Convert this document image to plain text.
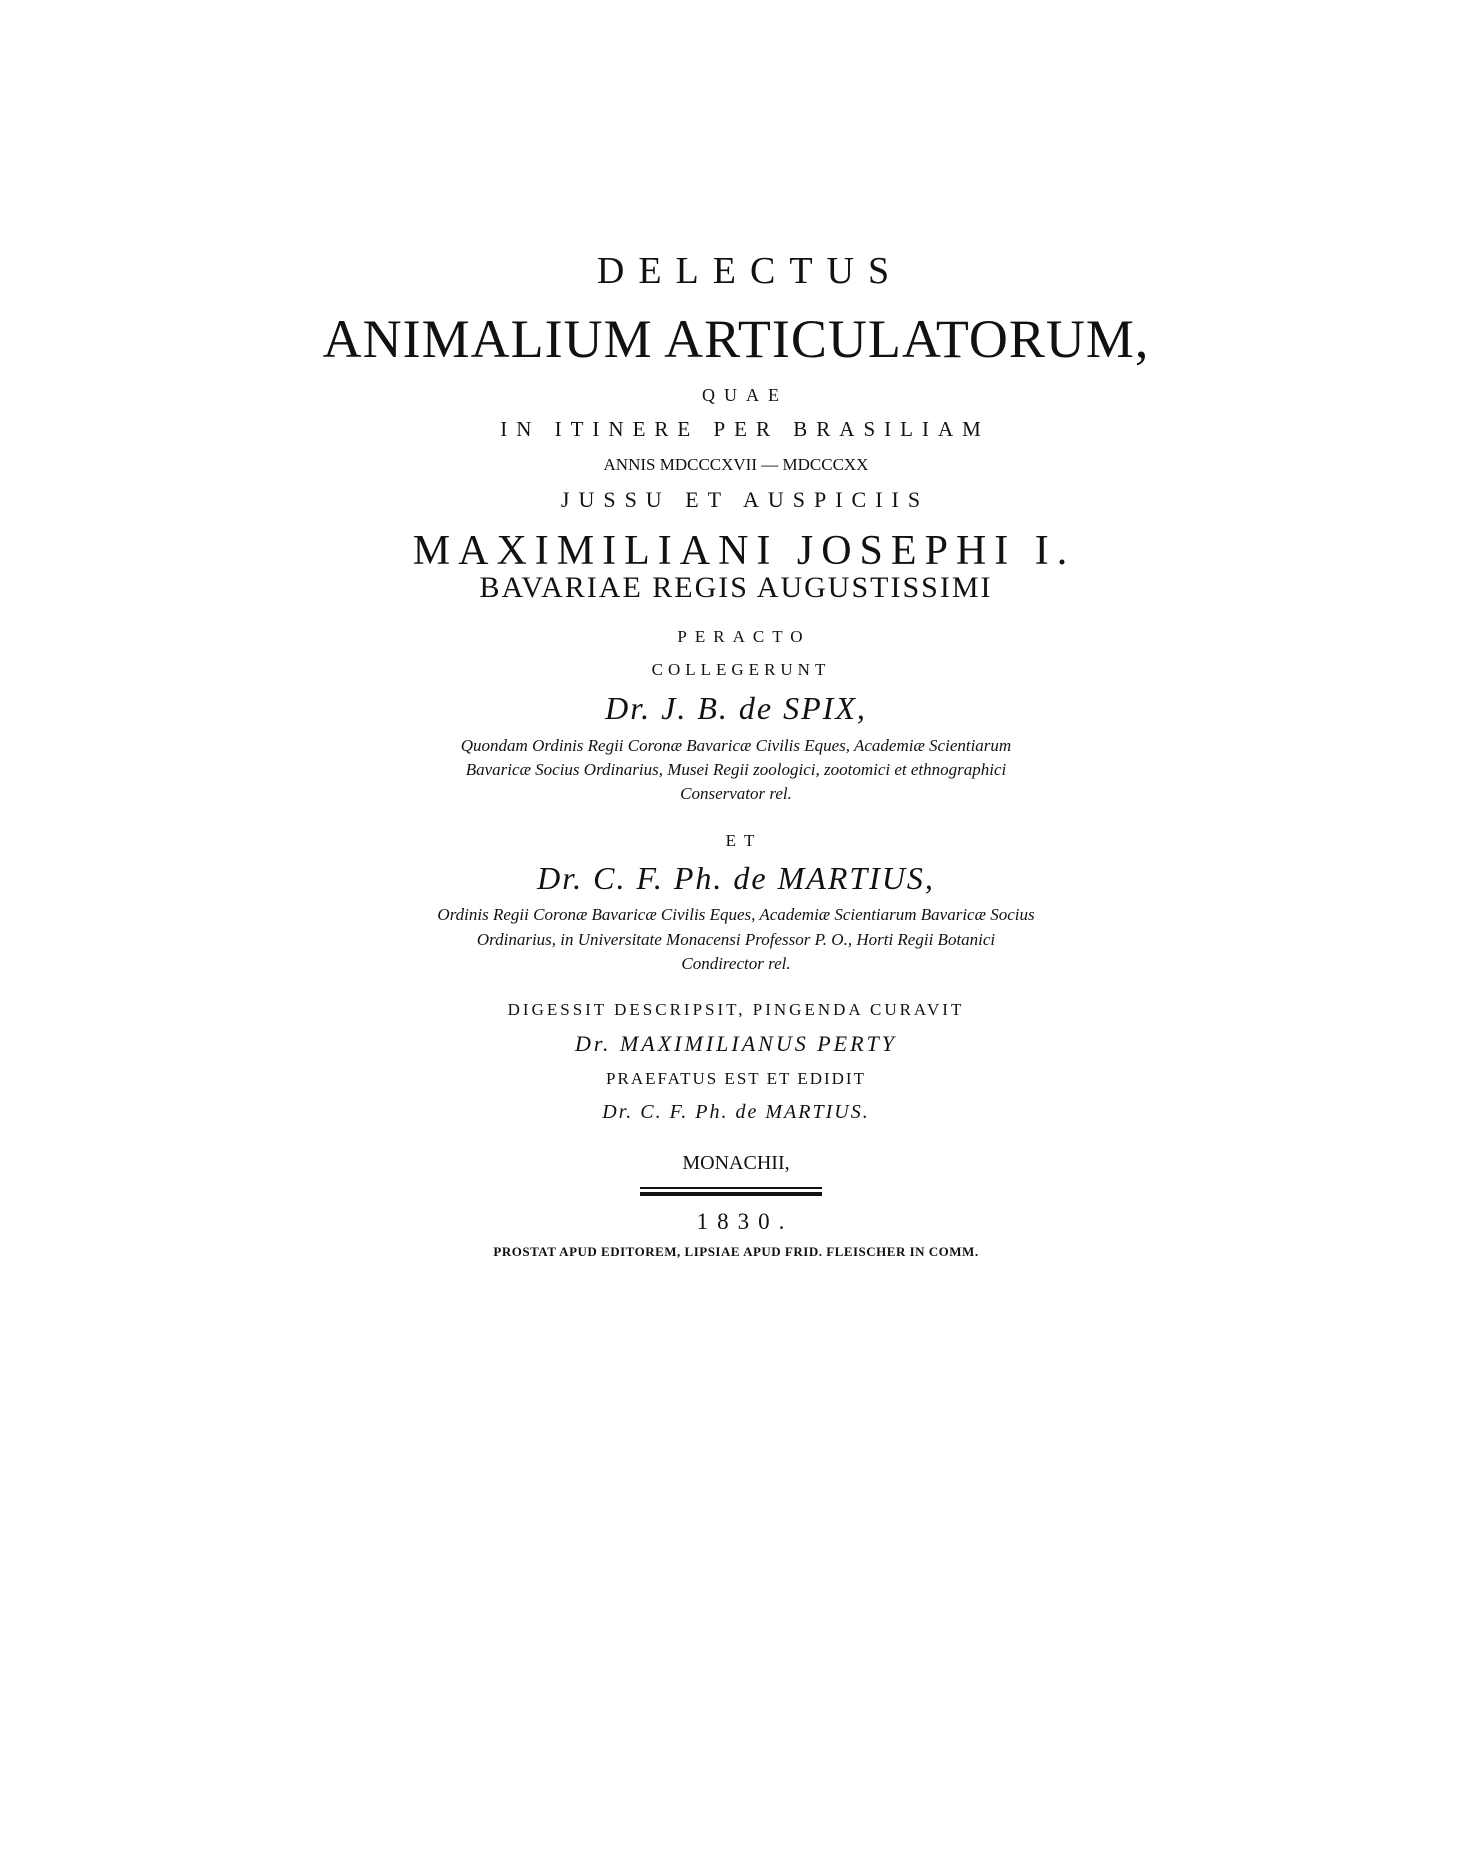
DELECTUS
ANIMALIUM ARTICULATORUM,
QUAE
IN ITINERE PER BRASILIAM
ANNIS MDCCCXVII — MDCCCXX
JUSSU ET AUSPICIIS
MAXIMILIANI JOSEPHI I.
BAVARIAE REGIS AUGUSTISSIMI
PERACTO
COLLEGERUNT
Dr. J. B. de SPIX,
Quondam Ordinis Regii Coronæ Bavaricæ Civilis Eques, Academiæ Scientiarum
Bavaricæ Socius Ordinarius, Musei Regii zoologici, zootomici et ethnographici
Conservator rel.
ET
Dr. C. F. Ph. de MARTIUS,
Ordinis Regii Coronæ Bavaricæ Civilis Eques, Academiæ Scientiarum Bavaricæ Socius
Ordinarius, in Universitate Monacensi Professor P. O., Horti Regii Botanici
Condirector rel.
DIGESSIT DESCRIPSIT, PINGENDA CURAVIT
Dr. MAXIMILIANUS PERTY
PRAEFATUS EST ET EDIDIT
Dr. C. F. Ph. de MARTIUS.
MONACHII,
1830.
PROSTAT APUD EDITOREM, LIPSIAE APUD FRID. FLEISCHER IN COMM.
